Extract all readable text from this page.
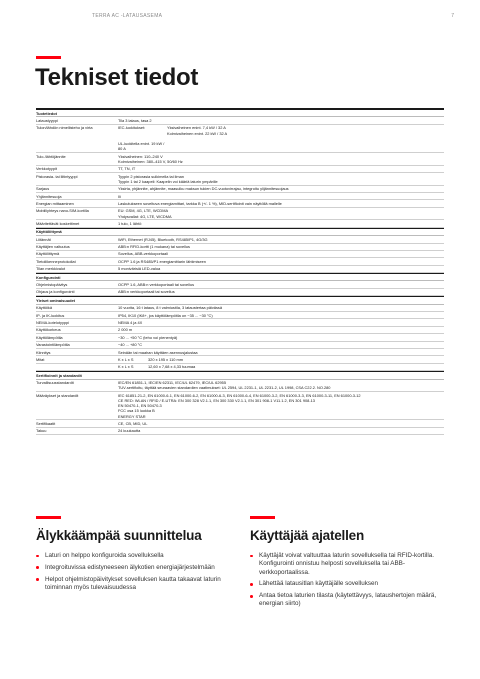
TERRA AC -LATAUSASEMA	7
Tekniset tiedot
Tuotetiedot
Lataustyyppi	Tila 3 lataus, tasa 2
Tulon/lähdön nimellisteho ja virta	IEC-luokitukset:	Yksivaiheinen enint. 7,4 kW / 32 A
Kolmivaiheinen enint. 22 kW / 32 A

UL-luokitella enint. 19 kW / 80 A
Tulo-/lähtöjännite	Yksivaiheinen: 110–240 V
Kolmivaiheinen: 380–415 V, 50/60 Hz
Verkkotyypit	TT, TN, IT
Pistorasia- tai liitintyyppi	Tyypin 2 pistorasia sulkimella tai ilman
Tyypin 1 tai 2 kaapeli: Kaapelin voi kääriä laturin ympärille
Sarjaus	Yksirta, yhjännite, ahjännite, maasulku maksun tukien DC-vuotovirrajau, integroitu ylijännitesuojaus
Yhjännitesuoja	Ili
Energian mittaaminen	Laskutukseen soveltuva energiamittari, tarkka B (+/- 1 %), MID-sertifioinit vain näyttöllä mallelle
Mobiiliyhteys nano-SIM-kortilla	EU: GSM, 4G, LTE, WCDMA
Yhdysvallat: 4G, LTE, WCDMA
Määritettävät koskettimet	1 tulo, 1 lähtö
Käyttöliittymä
Liitännät	WiFi, Ethernet (RJ45), Bluetooth, RS485/P1, 4G/3G
Käyttäjien valtuutus	ABB:n RFID-kortti (1 mukana) tai sovellus
Käyttöliittymä	Sovellus, ABB-verkkoportaali
Tietoliikenneprotokollat	OCPP 1.6 ja RS485/P1 energiamittarin lähtimiseen
Tilan merkkivalot	5 monivärisiä LED-valoa
Konfigurointi
Ohjelmistopäivitys	OCPP 1.6, ABB:n verkkoportaali tai sovellus
Ohjaus ja konfigurointi	ABB:n verkkoportaali tai sovellus
Yleiset ominaisuudet
Käyttöikä	10 vuotta, 16 t lataus, 8 t valmiustila, 3 lataustertaa päivässä
IP- ja IK-luokitus	IP54, IK10 (IK8+, jos käyttölämpötila on −35 ... −30 °C)
NEMA-kotelotyyppi	NEMA 4 ja 4X
Käyttökorkeus	2 000 m
Käyttölämpötila	−30 ... +50 °C (teho voi pienentyä)
Varastointilämpötila	−40 ... +80 °C
Kiinnitys	Seinään tai maahan käyttäen asennusjalustaa
Mitat	K x L x S	320 x 195 x 110 mm
K x L x S	12,60 x 7,68 x 4,33 tuumaa
Sertifioinnit ja standardit
Turvallisuusstandardit	IEC/EN 61851-1, IEC/EN 62311, IEC/UL 62479, IEC/UL 62955
TUV-sertifioitu, täyttää seuraavien standardien vaatimukset: UL 2594, UL 2231-1, UL 2231-2, UL 1998, CSA C22.2. NO.280
Määräykset ja standardit	IEC 61851-21-2, EN 61000-6-1, EN 61000-6-2, EN 61000-6-3, EN 61000-6-4, EN 61000-3-2, EN 61000-3-3, EN 61000-3-11, EN 61000-3-12
CE RED: WLAN / RFID / E-UTRA: EN 300 328 V2.1.1, EN 300 330 V2.1.1, EN 301 908-1 V11.1.2, EN 301 908-13
EN 50470-1, EN 50470-3
FCC osa 15 luokka B
ENERGY STAR
Sertifikaatit	CE, CB, MID, UL
Takuu	24 kuukautta
Älykkäämpää suunnittelua
Laturi on helppo konfiguroida sovelluksella
Integroituvissa edistyneeseen älykotien energiajärjestelmään
Helpot ohjelmistopäivitykset sovelluksen kautta takaavat laturin toiminnan myös tulevaisuudessa
Käyttäjää ajatellen
Käyttäjät voivat valtuuttaa laturin sovelluksella tai RFID-kortilla. Konfigurointi onnistuu helposti sovelluksella tai ABB-verkkoportaalissa.
Lähettää latausitlan käyttäjälle sovelluksen
Antaa tietoa laturien tilasta (käytettävyys, lataushertojen määrä, energian siirto)
